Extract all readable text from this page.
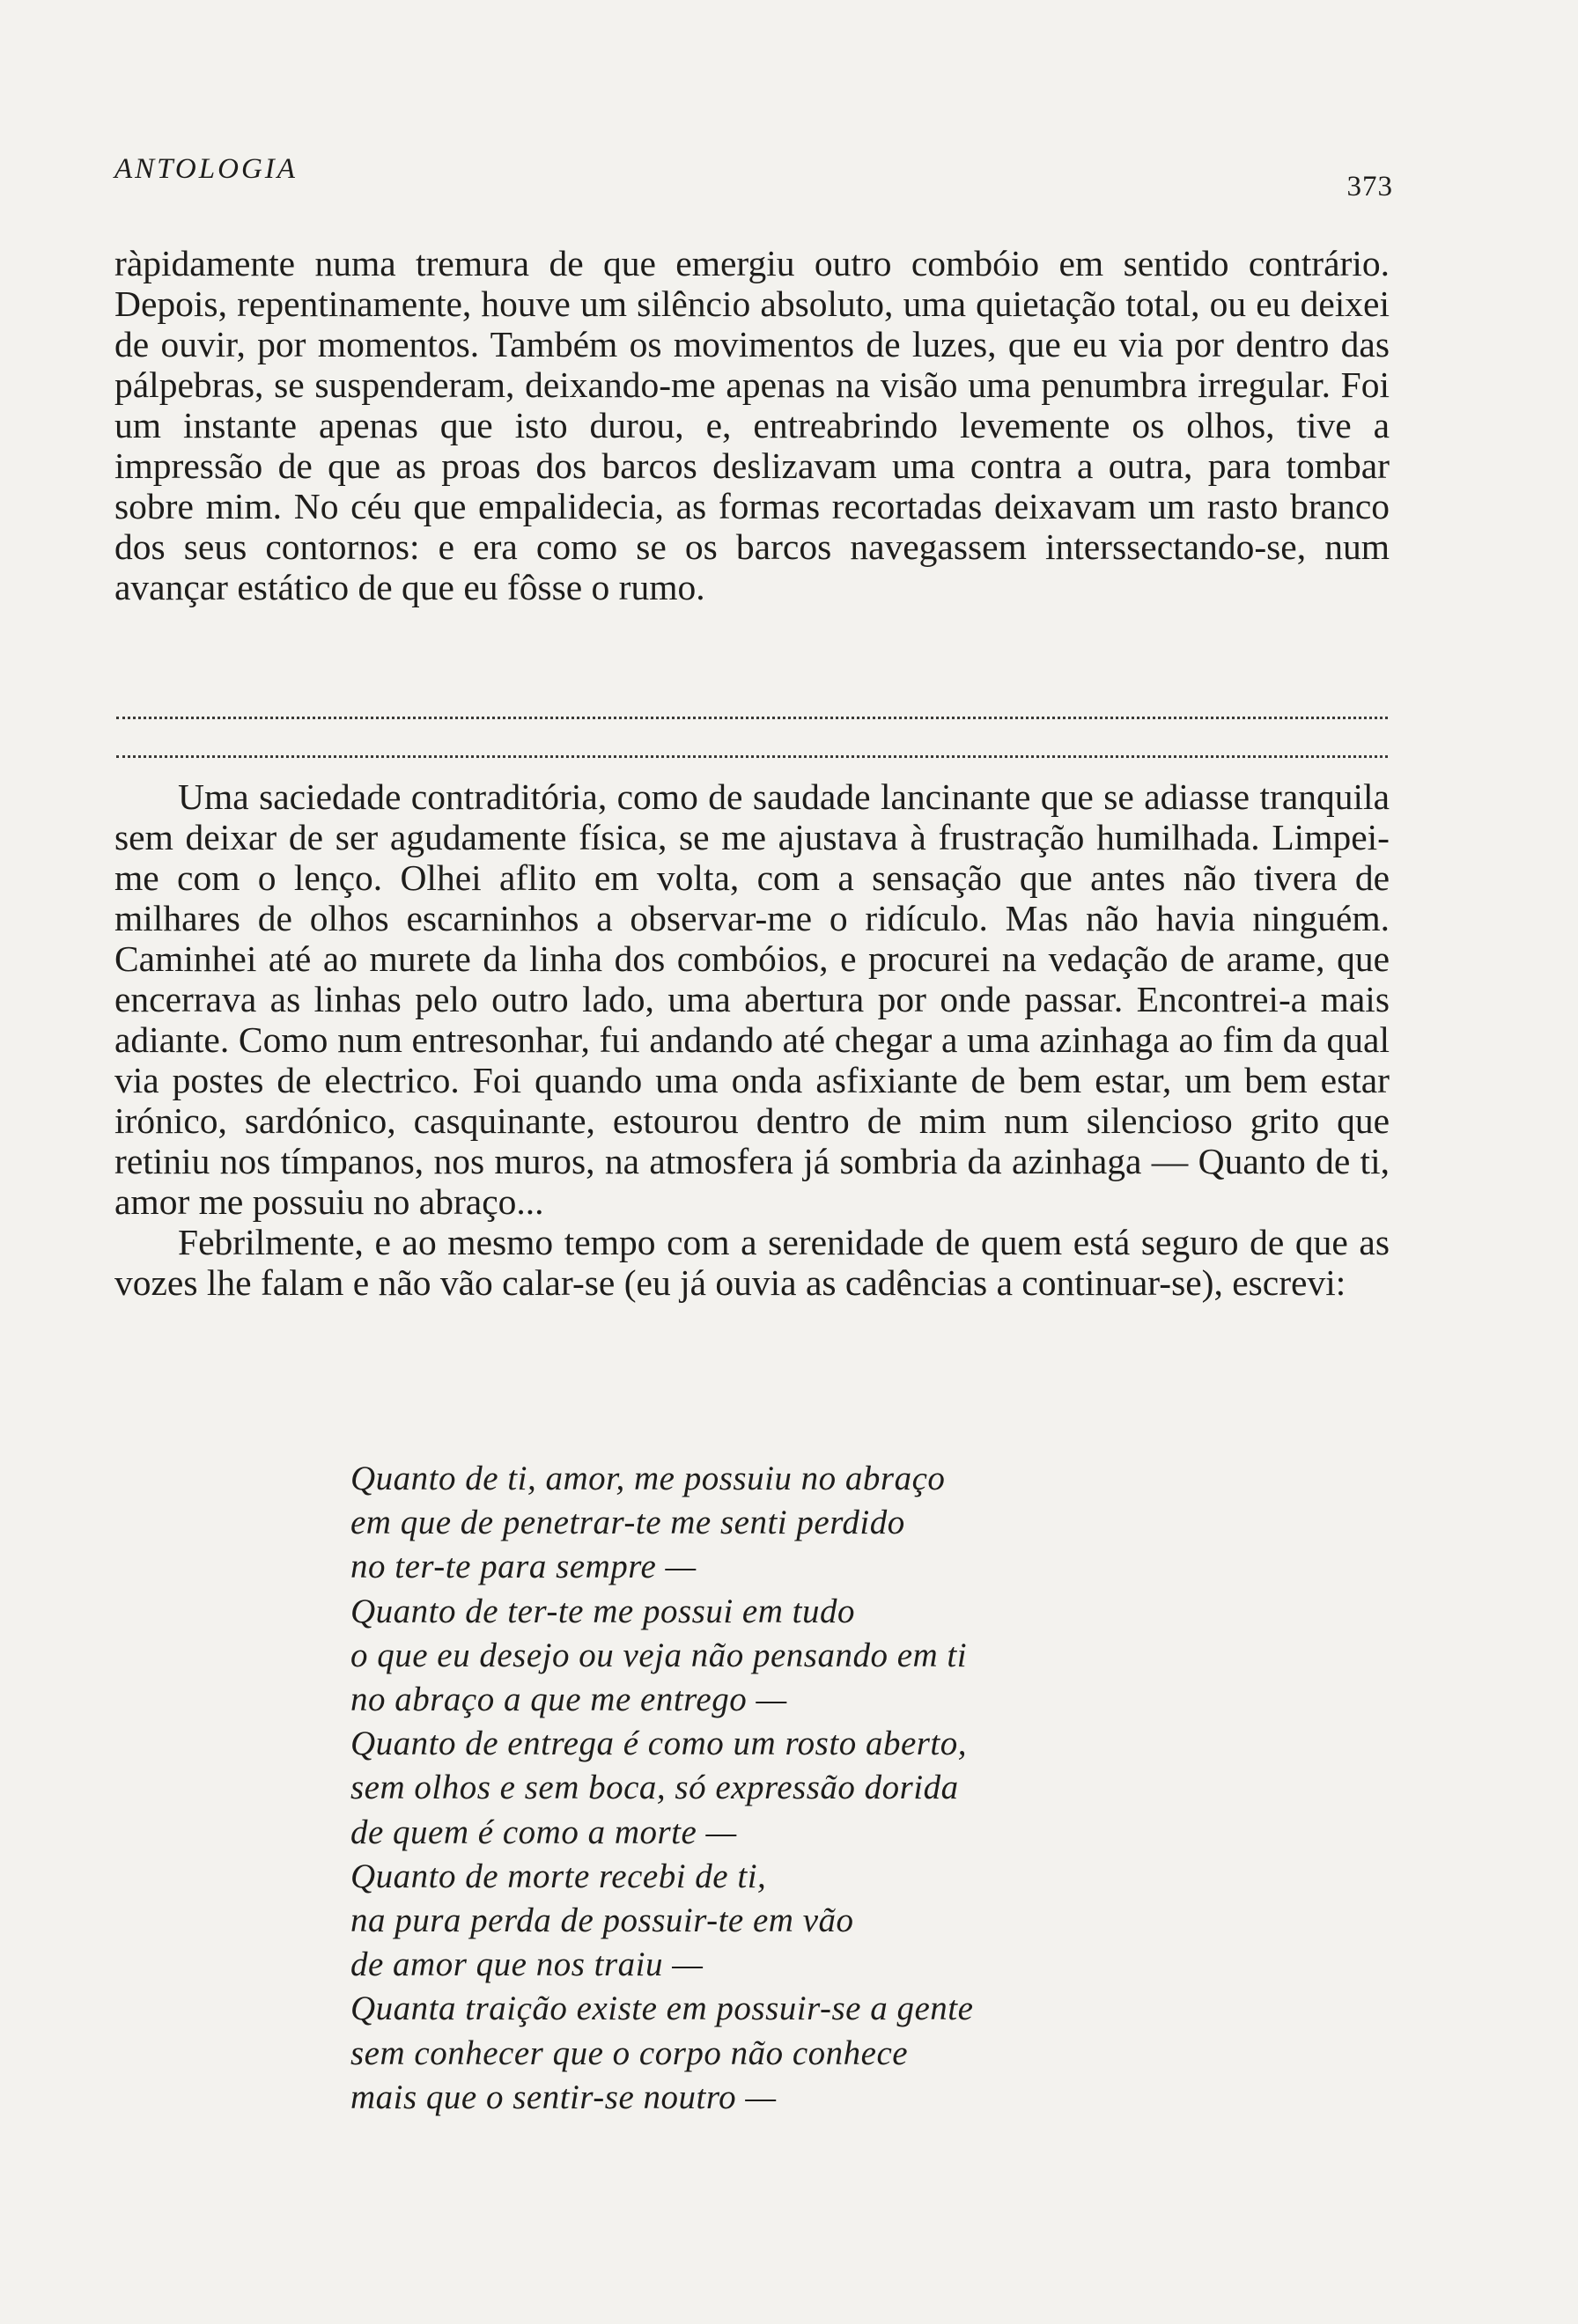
ANTOLOGIA
373

ràpidamente numa tremura de que emergiu outro combóio em sentido contrário. Depois, repentinamente, houve um silêncio absoluto, uma quietação total, ou eu deixei de ouvir, por momentos. Também os movimentos de luzes, que eu via por dentro das pálpebras, se suspenderam, deixando-me apenas na visão uma penumbra irregular. Foi um instante apenas que isto durou, e, entreabrindo levemente os olhos, tive a impressão de que as proas dos barcos deslizavam uma contra a outra, para tombar sobre mim. No céu que empalidecia, as formas recortadas deixavam um rasto branco dos seus contornos: e era como se os barcos navegassem interssectando-se, num avançar estático de que eu fôsse o rumo.

Uma saciedade contraditória, como de saudade lancinante que se adiasse tranquila sem deixar de ser agudamente física, se me ajustava à frustração humilhada. Limpei-me com o lenço. Olhei aflito em volta, com a sensação que antes não tivera de milhares de olhos escarninhos a observar-me o ridículo. Mas não havia ninguém. Caminhei até ao murete da linha dos combóios, e procurei na vedação de arame, que encerrava as linhas pelo outro lado, uma abertura por onde passar. Encontrei-a mais adiante. Como num entresonhar, fui andando até chegar a uma azinhaga ao fim da qual via postes de electrico. Foi quando uma onda asfixiante de bem estar, um bem estar irónico, sardónico, casquinante, estourou dentro de mim num silencioso grito que retiniu nos tímpanos, nos muros, na atmosfera já sombria da azinhaga — Quanto de ti, amor me possuiu no abraço...

Febrilmente, e ao mesmo tempo com a serenidade de quem está seguro de que as vozes lhe falam e não vão calar-se (eu já ouvia as cadências a continuar-se), escrevi:

Quanto de ti, amor, me possuiu no abraço
em que de penetrar-te me senti perdido
no ter-te para sempre —
Quanto de ter-te me possui em tudo
o que eu desejo ou veja não pensando em ti
no abraço a que me entrego —
Quanto de entrega é como um rosto aberto,
sem olhos e sem boca, só expressão dorida
de quem é como a morte —
Quanto de morte recebi de ti,
na pura perda de possuir-te em vão
de amor que nos traiu —
Quanta traição existe em possuir-se a gente
sem conhecer que o corpo não conhece
mais que o sentir-se noutro —
